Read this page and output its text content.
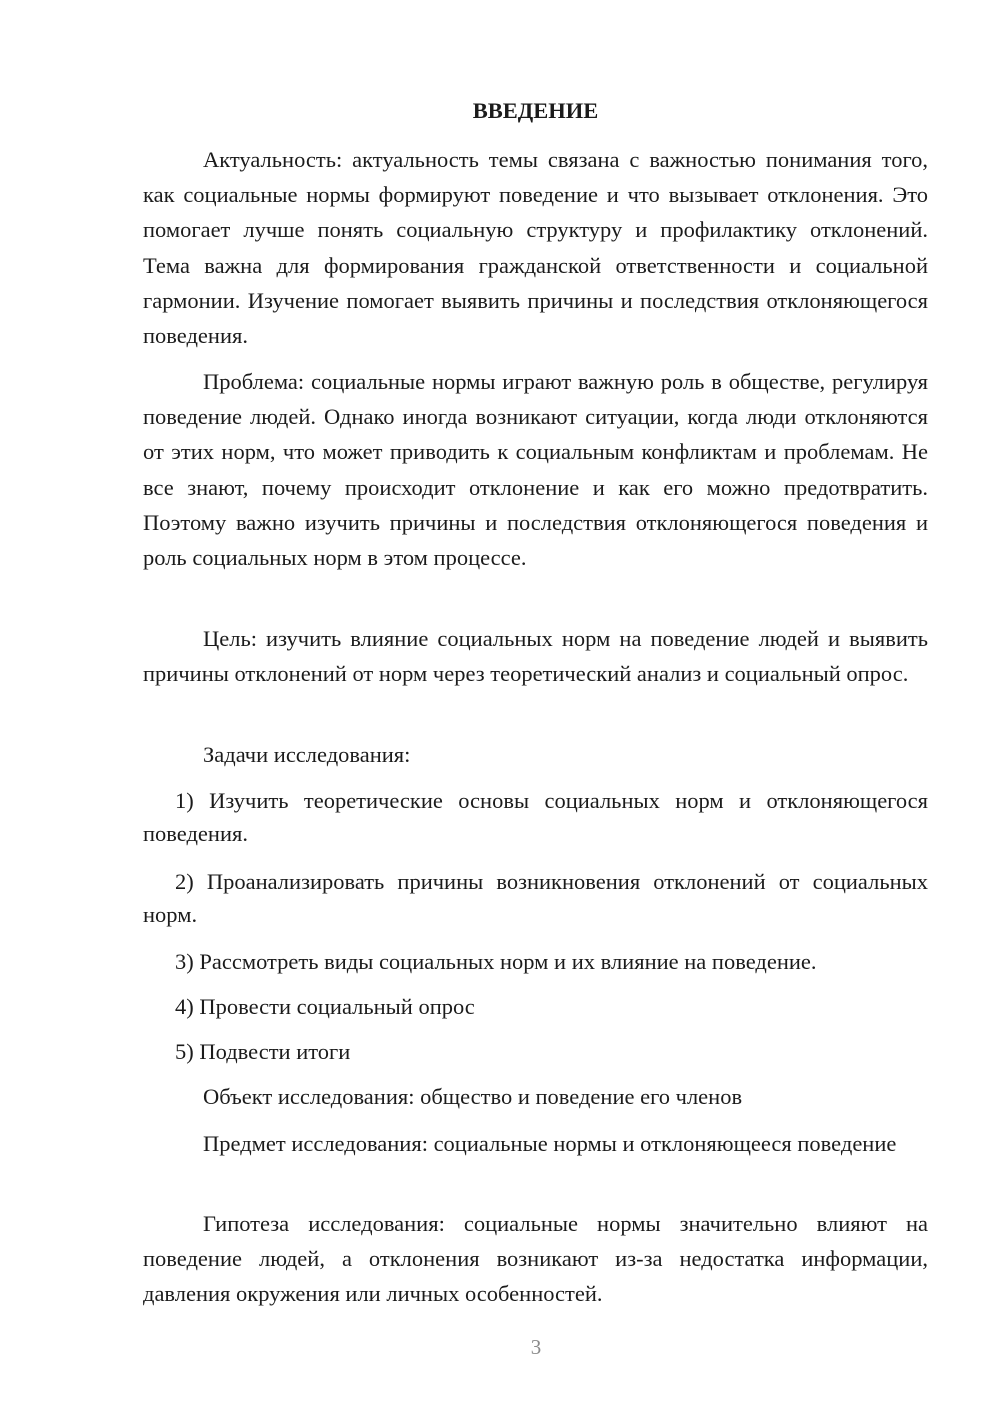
ВВЕДЕНИЕ

Актуальность: актуальность темы связана с важностью понимания того, как социальные нормы формируют поведение и что вызывает отклонения. Это помогает лучше понять социальную структуру и профилактику отклонений. Тема важна для формирования гражданской ответственности и социальной гармонии. Изучение помогает выявить причины и последствия отклоняющегося поведения.

Проблема: социальные нормы играют важную роль в обществе, регулируя поведение людей. Однако иногда возникают ситуации, когда люди отклоняются от этих норм, что может приводить к социальным конфликтам и проблемам. Не все знают, почему происходит отклонение и как его можно предотвратить. Поэтому важно изучить причины и последствия отклоняющегося поведения и роль социальных норм в этом процессе.

Цель: изучить влияние социальных норм на поведение людей и выявить причины отклонений от норм через теоретический анализ и социальный опрос.

Задачи исследования:

1) Изучить теоретические основы социальных норм и отклоняющегося поведения.

2) Проанализировать причины возникновения отклонений от социальных норм.

3) Рассмотреть виды социальных норм и их влияние на поведение.
4) Провести социальный опрос
5) Подвести итоги
Объект исследования: общество и поведение его членов

Предмет исследования: социальные нормы и отклоняющееся поведение

Гипотеза исследования: социальные нормы значительно влияют на поведение людей, а отклонения возникают из-за недостатка информации, давления окружения или личных особенностей.

3
